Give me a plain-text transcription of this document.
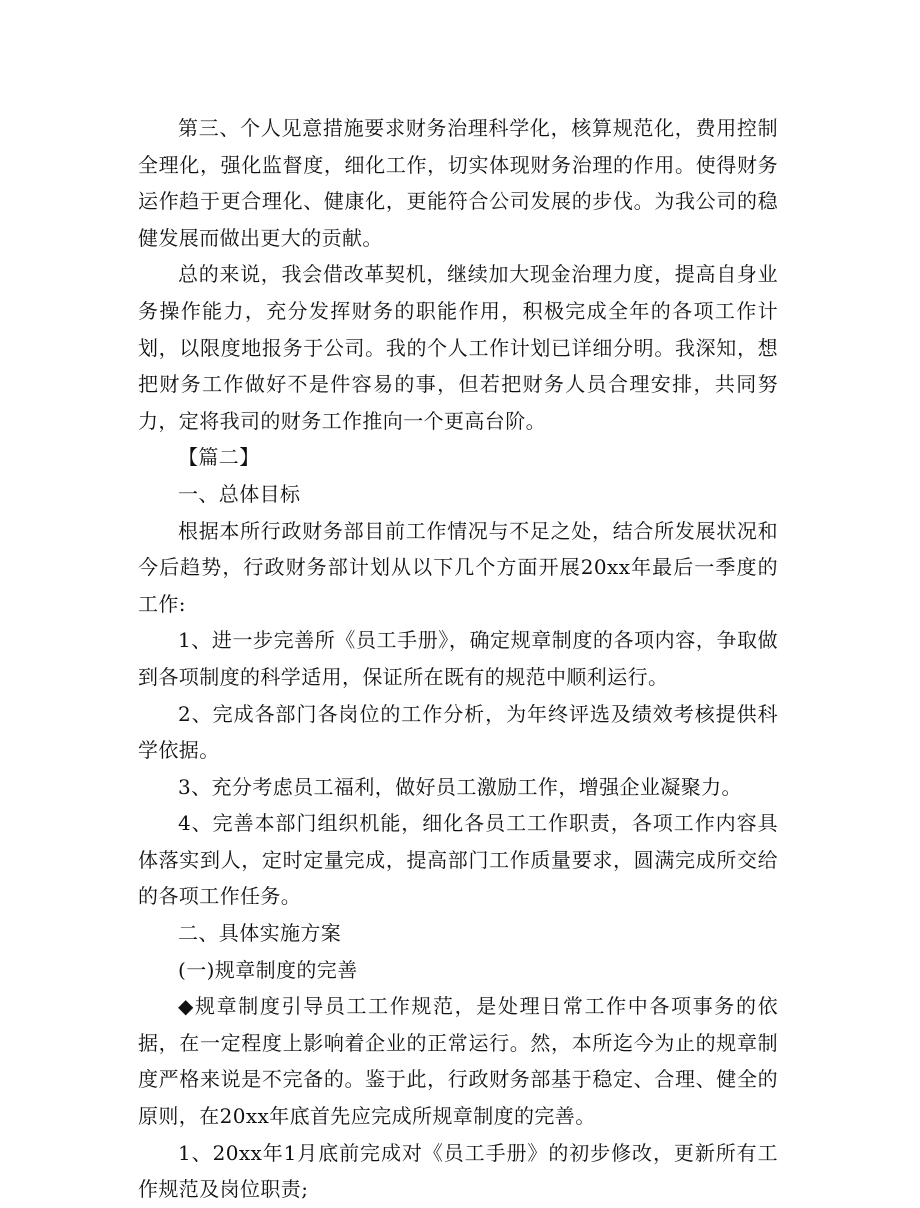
第三、个人见意措施要求财务治理科学化，核算规范化，费用控制全理化，强化监督度，细化工作，切实体现财务治理的作用。使得财务运作趋于更合理化、健康化，更能符合公司发展的步伐。为我公司的稳健发展而做出更大的贡献。

总的来说，我会借改革契机，继续加大现金治理力度，提高自身业务操作能力，充分发挥财务的职能作用，积极完成全年的各项工作计划，以限度地报务于公司。我的个人工作计划已详细分明。我深知，想把财务工作做好不是件容易的事，但若把财务人员合理安排，共同努力，定将我司的财务工作推向一个更高台阶。

【篇二】

一、总体目标

根据本所行政财务部目前工作情况与不足之处，结合所发展状况和今后趋势，行政财务部计划从以下几个方面开展20xx年最后一季度的工作:

1、进一步完善所《员工手册》，确定规章制度的各项内容，争取做到各项制度的科学适用，保证所在既有的规范中顺利运行。

2、完成各部门各岗位的工作分析，为年终评选及绩效考核提供科学依据。

3、充分考虑员工福利，做好员工激励工作，增强企业凝聚力。

4、完善本部门组织机能，细化各员工工作职责，各项工作内容具体落实到人，定时定量完成，提高部门工作质量要求，圆满完成所交给的各项工作任务。

二、具体实施方案

(一)规章制度的完善

◆规章制度引导员工工作规范，是处理日常工作中各项事务的依据，在一定程度上影响着企业的正常运行。然，本所迄今为止的规章制度严格来说是不完备的。鉴于此，行政财务部基于稳定、合理、健全的原则，在20xx年底首先应完成所规章制度的完善。

1、20xx年1月底前完成对《员工手册》的初步修改，更新所有工作规范及岗位职责;
